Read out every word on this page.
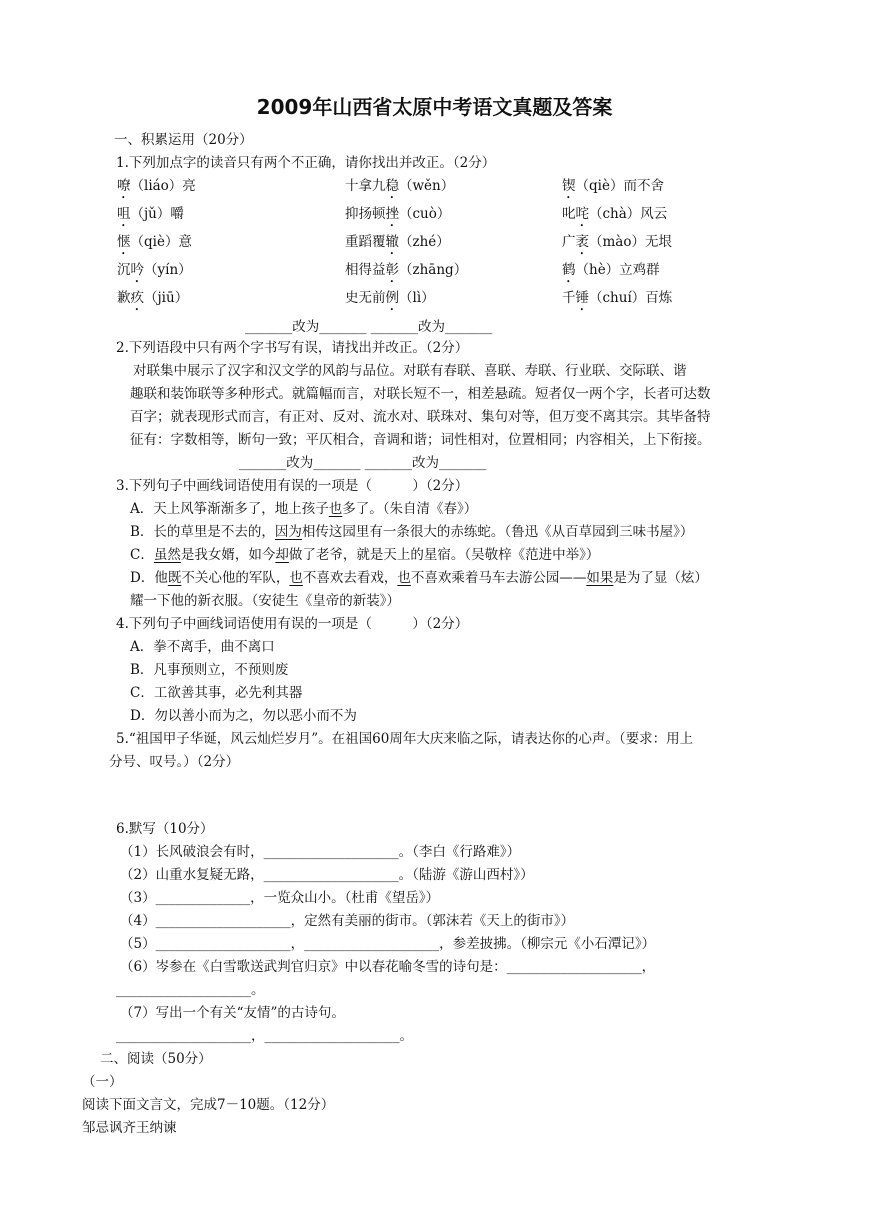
2009年山西省太原中考语文真题及答案
一、积累运用（20分）
1.下列加点字的读音只有两个不正确，请你找出并改正。（2分）
嘹（liáo）亮	十拿九稳（wěn）	锲（qiè）而不舍
咀（jǔ）嚼	抑扬顿挫（cuò）	叱咤（chà）风云
惬（qiè）意	重蹈覆辙（zhé）	广袤（mào）无垠
沉吟（yín）	相得益彰（zhāng）	鹤（hè）立鸡群
歉疚（jiū）	史无前例（lì）	千锤（chuí）百炼
_______改为_______ _______改为_______
2.下列语段中只有两个字书写有误，请找出并改正。（2分）
对联集中展示了汉字和汉文学的风韵与品位。对联有春联、喜联、寿联、行业联、交际联、谐
趣联和装饰联等多种形式。就篇幅而言，对联长短不一，相差悬疏。短者仅一两个字，长者可达数
百字；就表现形式而言，有正对、反对、流水对、联珠对、集句对等，但万变不离其宗。其毕备特
征有：字数相等，断句一致；平仄相合，音调和谐；词性相对，位置相同；内容相关，上下衔接。
_______改为_______ _______改为_______
3.下列句子中画线词语使用有误的一项是（　　　）（2分）
A．天上风筝渐渐多了，地上孩子也多了。（朱自清《春》）
B．长的草里是不去的，因为相传这园里有一条很大的赤练蛇。（鲁迅《从百草园到三味书屋》）
C．虽然是我女婿，如今却做了老爷，就是天上的星宿。（吴敬梓《范进中举》）
D．他既不关心他的军队，也不喜欢去看戏，也不喜欢乘着马车去游公园——如果是为了显（炫）
耀一下他的新衣服。（安徒生《皇帝的新装》）
4.下列句子中画线词语使用有误的一项是（　　　）（2分）
A．拳不离手，曲不离口
B．凡事预则立，不预则废
C．工欲善其事，必先利其器
D．勿以善小而为之，勿以恶小而不为
5.“祖国甲子华诞，风云灿烂岁月”。在祖国60周年大庆来临之际，请表达你的心声。（要求：用上
分号、叹号。）（2分）
6.默写（10分）
（1）长风破浪会有时，____________________。（李白《行路难》）
（2）山重水复疑无路，____________________。（陆游《游山西村》）
（3）______________，一览众山小。（杜甫《望岳》）
（4）____________________，定然有美丽的街市。（郭沫若《天上的街市》）
（5）____________________，____________________，参差披拂。（柳宗元《小石潭记》）
（6）岑参在《白雪歌送武判官归京》中以春花喻冬雪的诗句是：____________________，
____________________。
（7）写出一个有关“友情”的古诗句。
____________________，____________________。
二、阅读（50分）
（一）
阅读下面文言文，完成7－10题。（12分）
邹忌讽齐王纳谏
